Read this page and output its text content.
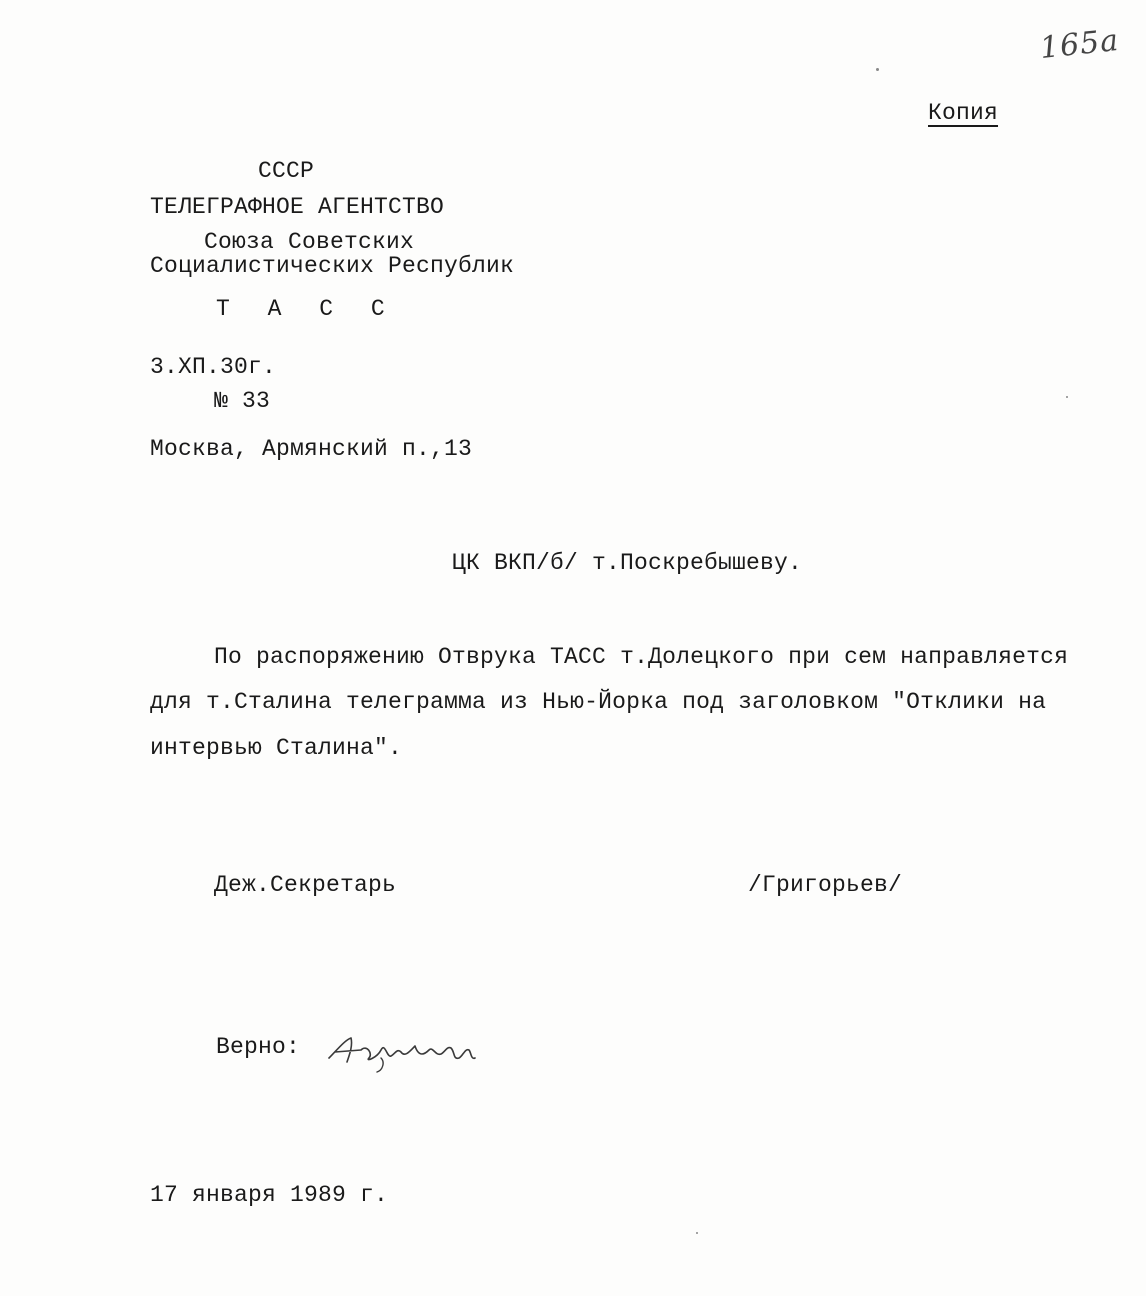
165а
Копия
СССР
ТЕЛЕГРАФНОЕ АГЕНТСТВО
Союза Советских
Социалистических Республик
Т А С С
3.ХП.30г.
№ 33
Москва, Армянский п.,13
ЦК ВКП/б/ т.Поскребышеву.
По распоряжению Отврука ТАСС т.Долецкого при сем направляется
для т.Сталина телеграмма из Нью-Йорка под заголовком "Отклики на
интервью Сталина".
Деж.Секретарь	/Григорьев/
Верно:
17 января 1989 г.
